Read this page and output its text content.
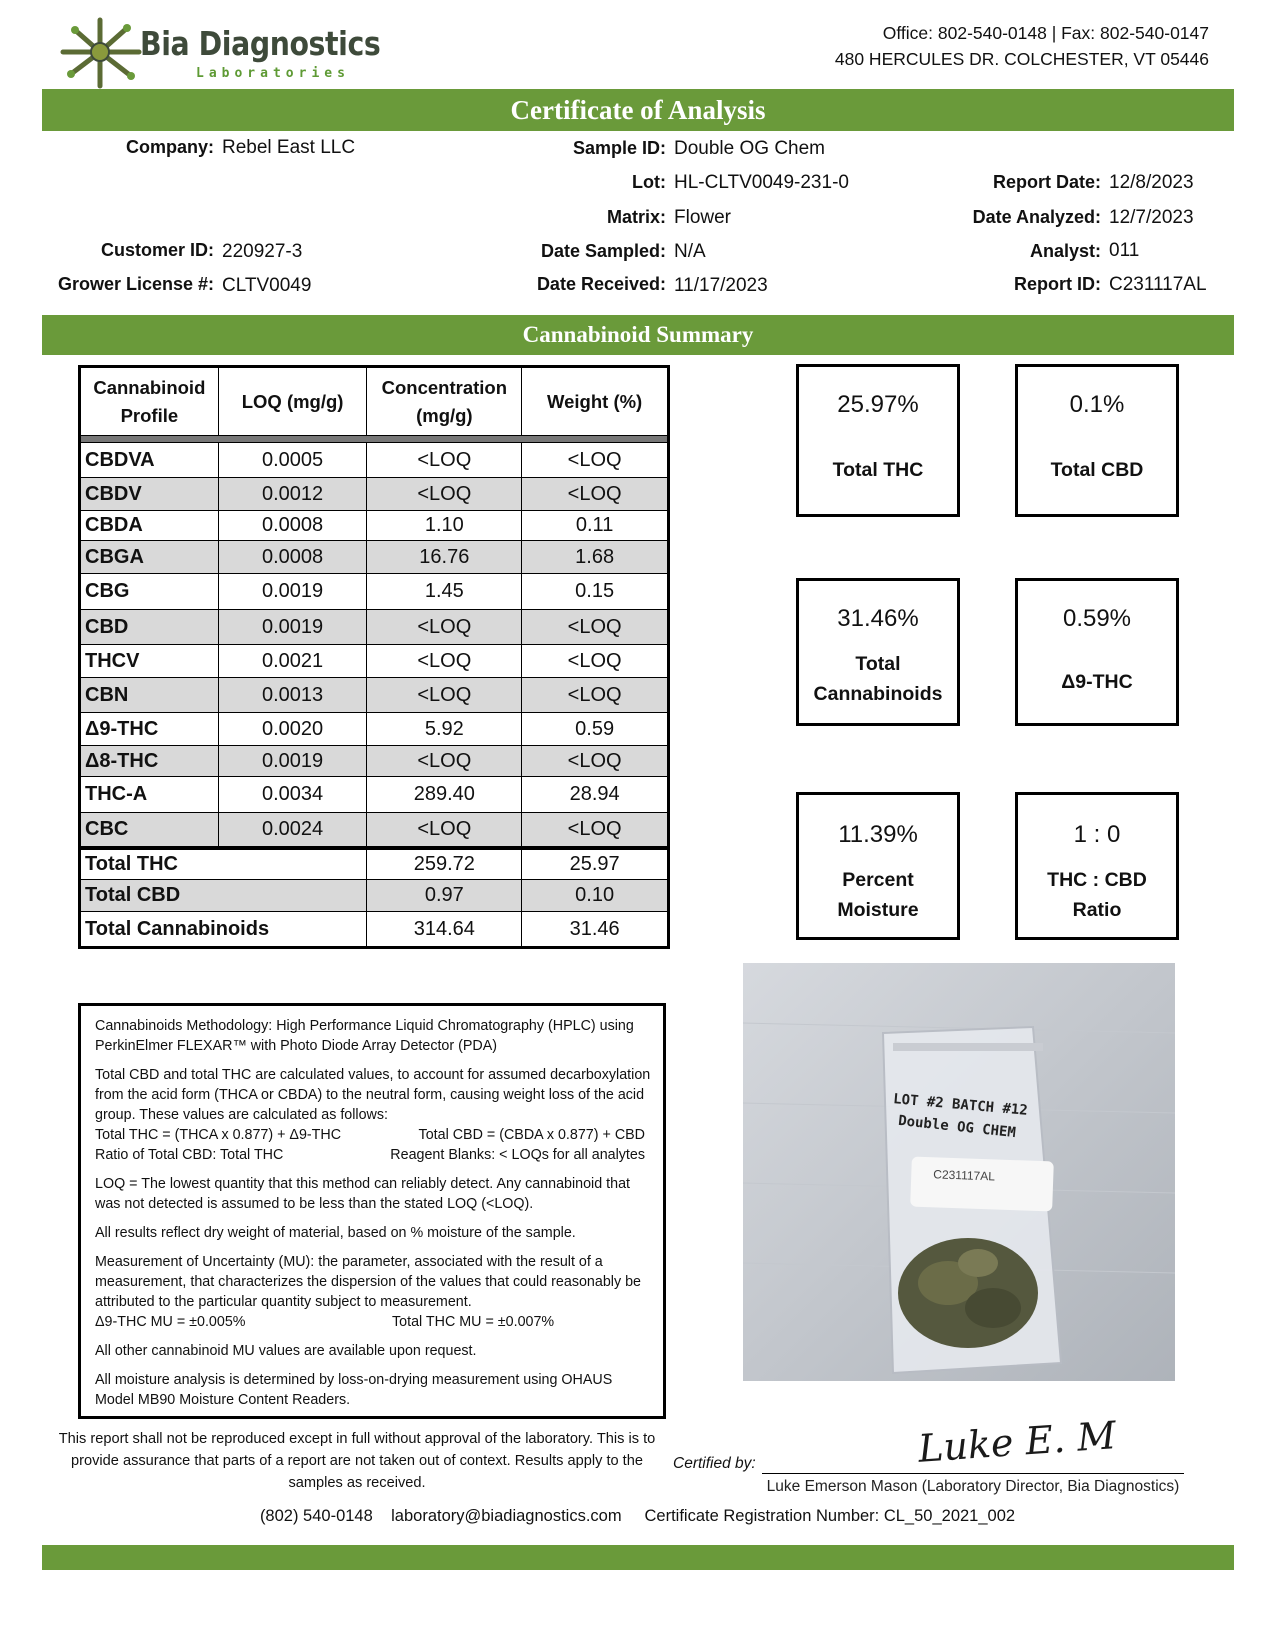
Bia Diagnostics
Laboratories
Office: 802-540-0148 | Fax: 802-540-0147
480 HERCULES DR. COLCHESTER, VT 05446
Certificate of Analysis
Company: Rebel East LLC
Customer ID: 220927-3
Grower License #: CLTV0049
Sample ID: Double OG Chem
Lot: HL-CLTV0049-231-0
Matrix: Flower
Date Sampled: N/A
Date Received: 11/17/2023
Report Date: 12/8/2023
Date Analyzed: 12/7/2023
Analyst: 011
Report ID: C231117AL
Cannabinoid Summary
Cannabinoid Profile	LOQ (mg/g)	Concentration (mg/g)	Weight (%)

CBDVA	0.0005	<LOQ	<LOQ
CBDV	0.0012	<LOQ	<LOQ
CBDA	0.0008	1.10	0.11
CBGA	0.0008	16.76	1.68
CBG	0.0019	1.45	0.15
CBD	0.0019	<LOQ	<LOQ
THCV	0.0021	<LOQ	<LOQ
CBN	0.0013	<LOQ	<LOQ
Δ9-THC	0.0020	5.92	0.59
Δ8-THC	0.0019	<LOQ	<LOQ
THC-A	0.0034	289.40	28.94
CBC	0.0024	<LOQ	<LOQ
Total THC		259.72	25.97
Total CBD		0.97	0.10
Total Cannabinoids		314.64	31.46
25.97%
Total THC
0.1%
Total CBD
31.46%
Total
Cannabinoids
0.59%
Δ9-THC
11.39%
Percent
Moisture
1 : 0
THC : CBD
Ratio

Cannabinoids Methodology: High Performance Liquid Chromatography (HPLC) using PerkinElmer FLEXAR™ with Photo Diode Array Detector (PDA)

Total CBD and total THC are calculated values, to account for assumed decarboxylation from the acid form (THCA or CBDA) to the neutral form, causing weight loss of the acid group. These values are calculated as follows:

Total THC = (THCA x 0.877) + Δ9-THC	Total CBD = (CBDA x 0.877) + CBD
Ratio of Total CBD: Total THC	Reagent Blanks: < LOQs for all analytes

LOQ = The lowest quantity that this method can reliably detect. Any cannabinoid that was not detected is assumed to be less than the stated LOQ (<LOQ).

All results reflect dry weight of material, based on % moisture of the sample.

Measurement of Uncertainty (MU): the parameter, associated with the result of a measurement, that characterizes the dispersion of the values that could reasonably be attributed to the particular quantity subject to measurement.

Δ9-THC MU = ±0.005%	Total THC MU = ±0.007%

All other cannabinoid MU values are available upon request.

All moisture analysis is determined by loss-on-drying measurement using OHAUS Model MB90 Moisture Content Readers.

LOT #2 BATCH #12
Double OG CHEM
C231117AL
This report shall not be reproduced except in full without approval of the laboratory. This is to provide assurance that parts of a report are not taken out of context. Results apply to the samples as received.
Certified by:	Luke E. M
Luke Emerson Mason (Laboratory Director, Bia Diagnostics)
(802) 540-0148 laboratory@biadiagnostics.com Certificate Registration Number: CL_50_2021_002
